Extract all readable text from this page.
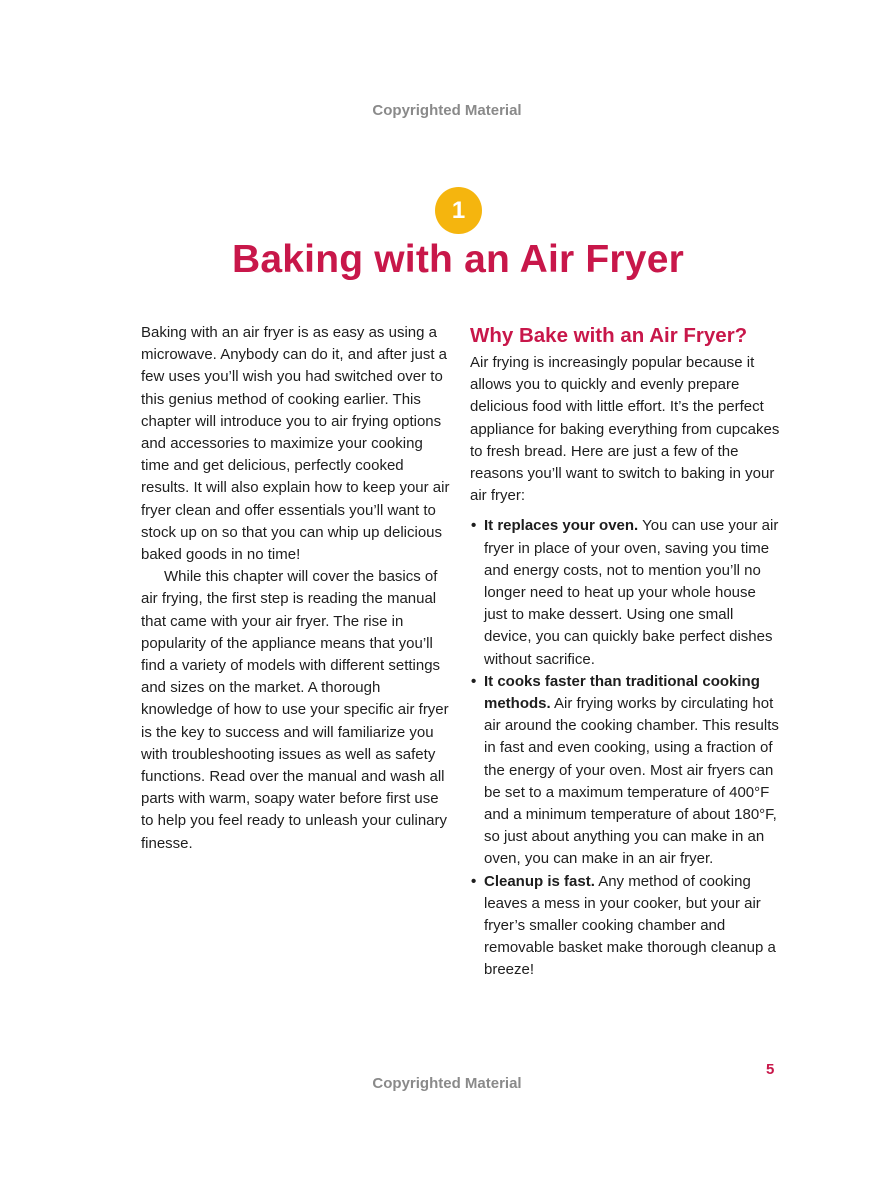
Copyrighted Material
1
Baking with an Air Fryer

Baking with an air fryer is as easy as using a microwave. Anybody can do it, and after just a few uses you’ll wish you had switched over to this genius method of cooking earlier. This chapter will introduce you to air frying options and accessories to maximize your cooking time and get delicious, perfectly cooked results. It will also explain how to keep your air fryer clean and offer essentials you’ll want to stock up on so that you can whip up delicious baked goods in no time!

While this chapter will cover the basics of air frying, the first step is reading the manual that came with your air fryer. The rise in popularity of the appliance means that you’ll find a variety of models with different settings and sizes on the market. A thorough knowledge of how to use your specific air fryer is the key to success and will familiarize you with troubleshooting issues as well as safety functions. Read over the manual and wash all parts with warm, soapy water before first use to help you feel ready to unleash your culinary finesse.

Why Bake with an Air Fryer?

Air frying is increasingly popular because it allows you to quickly and evenly prepare delicious food with little effort. It’s the perfect appliance for baking everything from cupcakes to fresh bread. Here are just a few of the reasons you’ll want to switch to baking in your air fryer:

• It replaces your oven. You can use your air fryer in place of your oven, saving you time and energy costs, not to mention you’ll no longer need to heat up your whole house just to make dessert. Using one small device, you can quickly bake perfect dishes without sacrifice.
• It cooks faster than traditional cooking methods. Air frying works by circulating hot air around the cooking chamber. This results in fast and even cooking, using a fraction of the energy of your oven. Most air fryers can be set to a maximum temperature of 400°F and a minimum temperature of about 180°F, so just about anything you can make in an oven, you can make in an air fryer.
• Cleanup is fast. Any method of cooking leaves a mess in your cooker, but your air fryer’s smaller cooking chamber and removable basket make thorough cleanup a breeze!
5
Copyrighted Material
